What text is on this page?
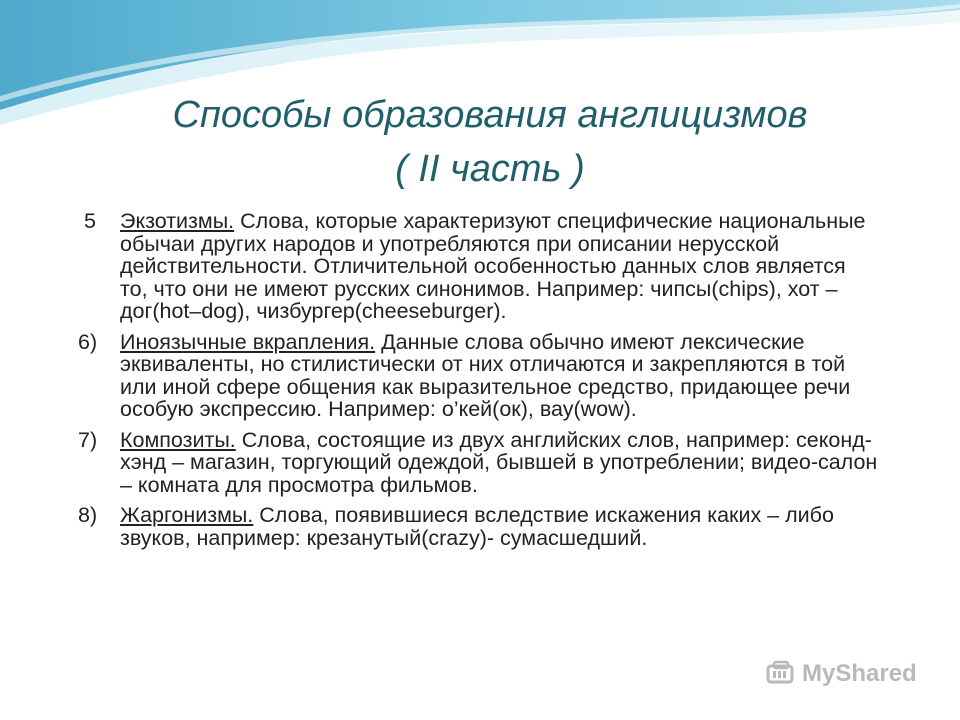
Способы образования англицизмов
( II часть )
5 Экзотизмы. Слова, которые характеризуют специфические национальные обычаи других народов и употребляются при описании нерусской действительности. Отличительной особенностью данных слов является то, что они не имеют русских синонимов. Например: чипсы(chips), хот – дог(hot–dog), чизбургер(cheeseburger).
6) Иноязычные вкрапления. Данные слова обычно имеют лексические эквиваленты, но стилистически от них отличаются и закрепляются в той или иной сфере общения как выразительное средство, придающее речи особую экспрессию. Например: о’кей(ок), вау(wow).
7) Композиты. Слова, состоящие из двух английских слов, например: секонд-хэнд – магазин, торгующий одеждой, бывшей в употреблении; видео-салон – комната для просмотра фильмов.
8) Жаргонизмы. Слова, появившиеся вследствие искажения каких – либо звуков, например: крезанутый(crazy)- сумасшедший.
MyShared
